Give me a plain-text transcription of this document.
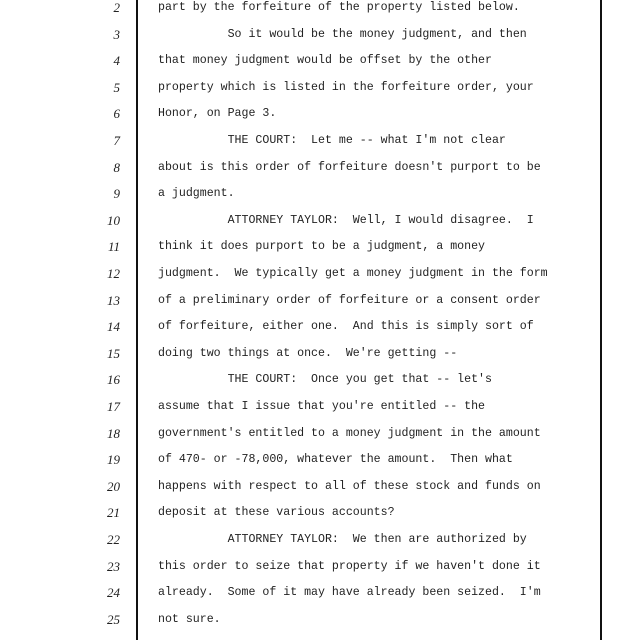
2
3
4
5
6
7
8
9
10
11
12
13
14
15
16
17
18
19
20
21
22
23
24
25
part by the forfeiture of the property listed below.
So it would be the money judgment, and then
that money judgment would be offset by the other
property which is listed in the forfeiture order, your
Honor, on Page 3.
THE COURT:  Let me -- what I'm not clear
about is this order of forfeiture doesn't purport to be
a judgment.
ATTORNEY TAYLOR:  Well, I would disagree.  I
think it does purport to be a judgment, a money
judgment.  We typically get a money judgment in the form
of a preliminary order of forfeiture or a consent order
of forfeiture, either one.  And this is simply sort of
doing two things at once.  We're getting --
THE COURT:  Once you get that -- let's
assume that I issue that you're entitled -- the
government's entitled to a money judgment in the amount
of 470- or -78,000, whatever the amount.  Then what
happens with respect to all of these stock and funds on
deposit at these various accounts?
ATTORNEY TAYLOR:  We then are authorized by
this order to seize that property if we haven't done it
already.  Some of it may have already been seized.  I'm
not sure.
